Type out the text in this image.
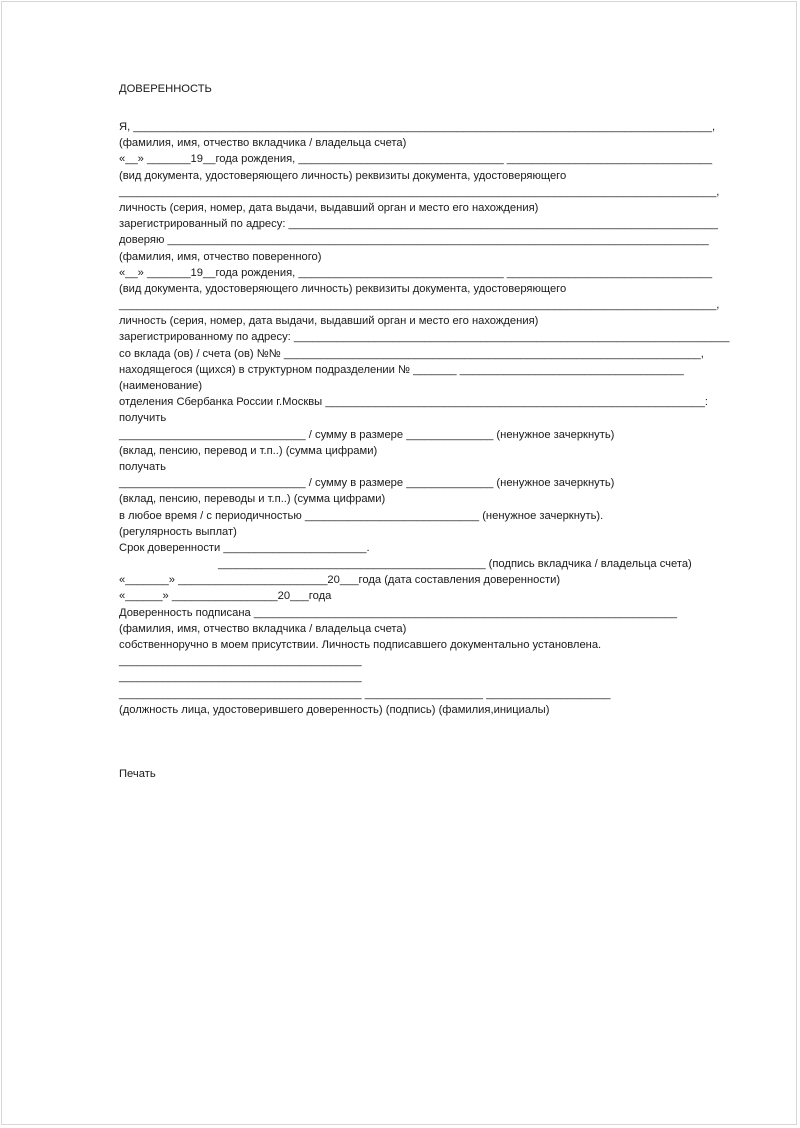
ДОВЕРЕННОСТЬ
Я, _____________________________________________________________________________________________,
(фамилия, имя, отчество вкладчика / владельца счета)
«__» _______19__года рождения, _________________________________ _________________________________
(вид документа, удостоверяющего личность) реквизиты документа, удостоверяющего
________________________________________________________________________________________________,
личность (серия, номер, дата выдачи, выдавший орган и место его нахождения)
зарегистрированный по адресу: _____________________________________________________________________
доверяю _______________________________________________________________________________________
(фамилия, имя, отчество поверенного)
«__» _______19__года рождения, _________________________________ _________________________________
(вид документа, удостоверяющего личность) реквизиты документа, удостоверяющего
________________________________________________________________________________________________,
личность (серия, номер, дата выдачи, выдавший орган и место его нахождения)
зарегистрированному по адресу: ______________________________________________________________________
со вклада (ов) / счета (ов) №№ ___________________________________________________________________,
находящегося (щихся) в структурном подразделении № _______ ____________________________________
(наименование)
отделения Сбербанка России г.Москвы _____________________________________________________________:
получить
______________________________ / сумму в размере ______________ (ненужное зачеркнуть)
(вклад, пенсию, перевод и т.п..) (сумма цифрами)
получать
______________________________ / сумму в размере ______________ (ненужное зачеркнуть)
(вклад, пенсию, переводы и т.п..) (сумма цифрами)
в любое время / с периодичностью ____________________________ (ненужное зачеркнуть).
(регулярность выплат)
Срок доверенности _______________________.
___________________________________________ (подпись вкладчика / владельца счета)
«_______» ________________________20___года (дата составления доверенности)
«______» _________________20___года
Доверенность подписана ____________________________________________________________________
(фамилия, имя, отчество вкладчика / владельца счета)
собственноручно в моем присутствии. Личность подписавшего документально установлена.
_______________________________________
_______________________________________
_______________________________________ ___________________ ____________________
(должность лица, удостоверившего доверенность) (подпись) (фамилия,инициалы)
Печать
